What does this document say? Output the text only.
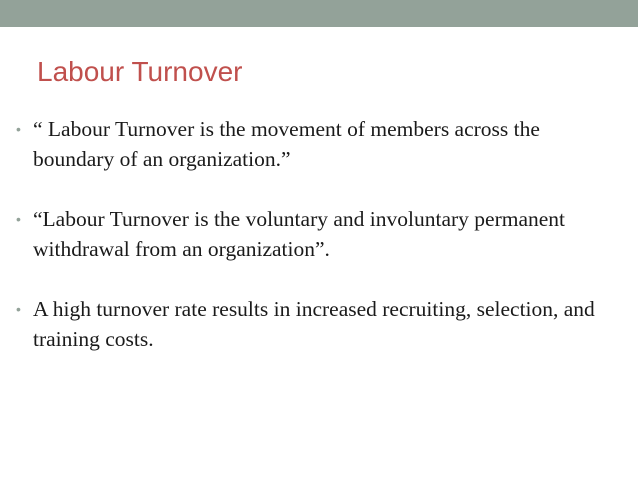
Labour Turnover
• “ Labour Turnover is the movement of members across the boundary of an organization.”
• “Labour Turnover is the voluntary and involuntary permanent withdrawal from an organization”.
• A high turnover rate results in increased recruiting, selection, and training costs.
